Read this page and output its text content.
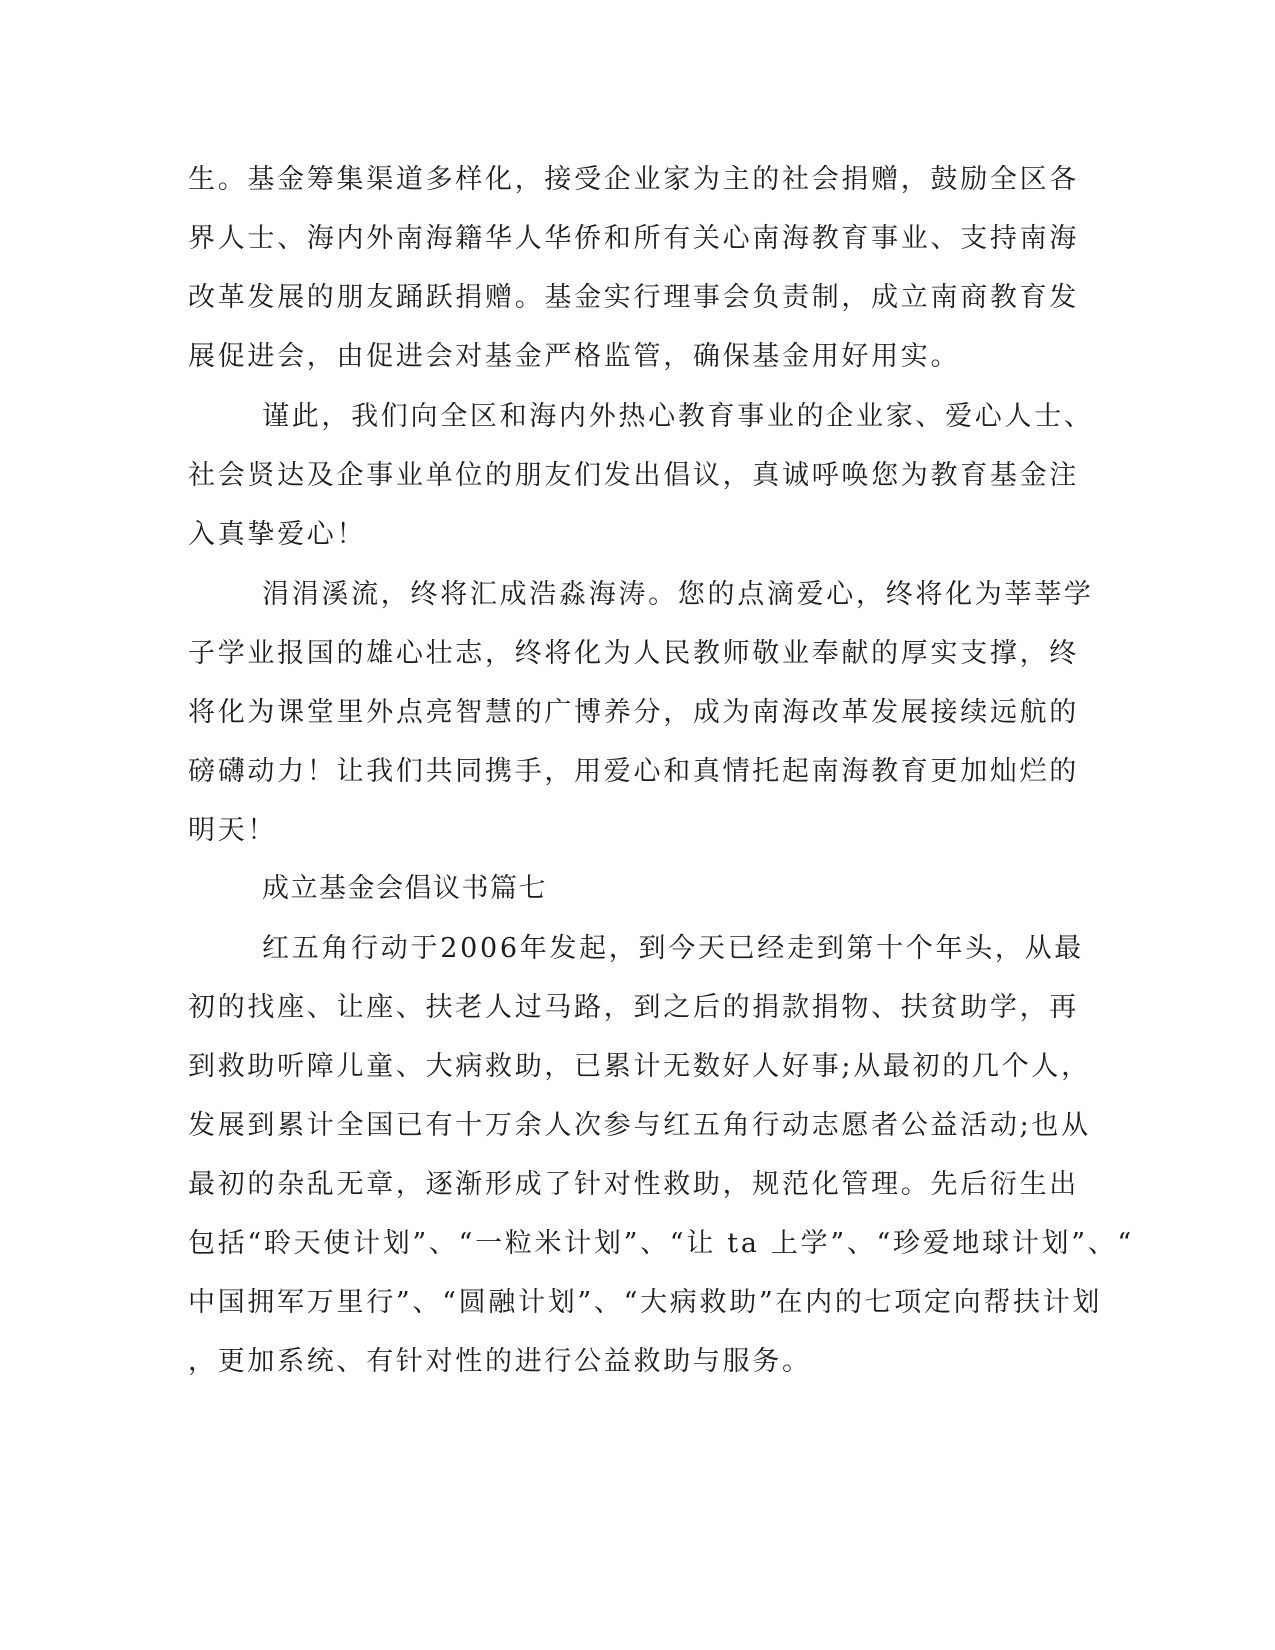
生。基金筹集渠道多样化，接受企业家为主的社会捐赠，鼓励全区各

界人士、海内外南海籍华人华侨和所有关心南海教育事业、支持南海

改革发展的朋友踊跃捐赠。基金实行理事会负责制，成立南商教育发

展促进会，由促进会对基金严格监管，确保基金用好用实。

谨此，我们向全区和海内外热心教育事业的企业家、爱心人士、

社会贤达及企事业单位的朋友们发出倡议，真诚呼唤您为教育基金注

入真挚爱心！

涓涓溪流，终将汇成浩淼海涛。您的点滴爱心，终将化为莘莘学

子学业报国的雄心壮志，终将化为人民教师敬业奉献的厚实支撑，终

将化为课堂里外点亮智慧的广博养分，成为南海改革发展接续远航的

磅礴动力！让我们共同携手，用爱心和真情托起南海教育更加灿烂的

明天！

成立基金会倡议书篇七

红五角行动于2006年发起，到今天已经走到第十个年头，从最

初的找座、让座、扶老人过马路，到之后的捐款捐物、扶贫助学，再

到救助听障儿童、大病救助，已累计无数好人好事;从最初的几个人，

发展到累计全国已有十万余人次参与红五角行动志愿者公益活动;也从

最初的杂乱无章，逐渐形成了针对性救助，规范化管理。先后衍生出

包括“聆天使计划”、“一粒米计划”、“让 ta 上学”、“珍爱地球计划”、“

中国拥军万里行”、“圆融计划”、“大病救助”在内的七项定向帮扶计划

，更加系统、有针对性的进行公益救助与服务。
